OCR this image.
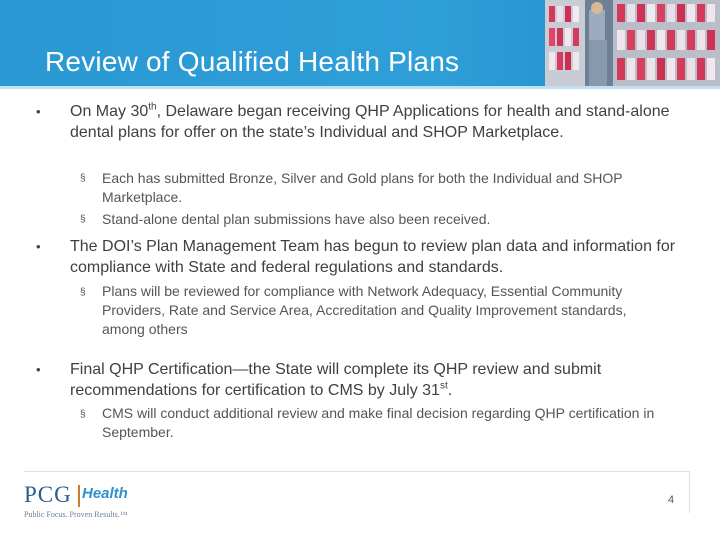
Review of Qualified Health Plans
• On May 30th, Delaware began receiving QHP Applications for health and stand-alone dental plans for offer on the state’s Individual and SHOP Marketplace.
§ Each has submitted Bronze, Silver and Gold plans for both the Individual and SHOP Marketplace.
§ Stand-alone dental plan submissions have also been received.
• The DOI’s Plan Management Team has begun to review plan data and information for compliance with State and federal regulations and standards.
§ Plans will be reviewed for compliance with Network Adequacy, Essential Community Providers, Rate and Service Area, Accreditation and Quality Improvement standards, among others
• Final QHP Certification—the State will complete its QHP review and submit recommendations for certification to CMS by July 31st.
§ CMS will conduct additional review and make final decision regarding QHP certification in September.
PCG Health
Public Focus. Proven Results.™
4
